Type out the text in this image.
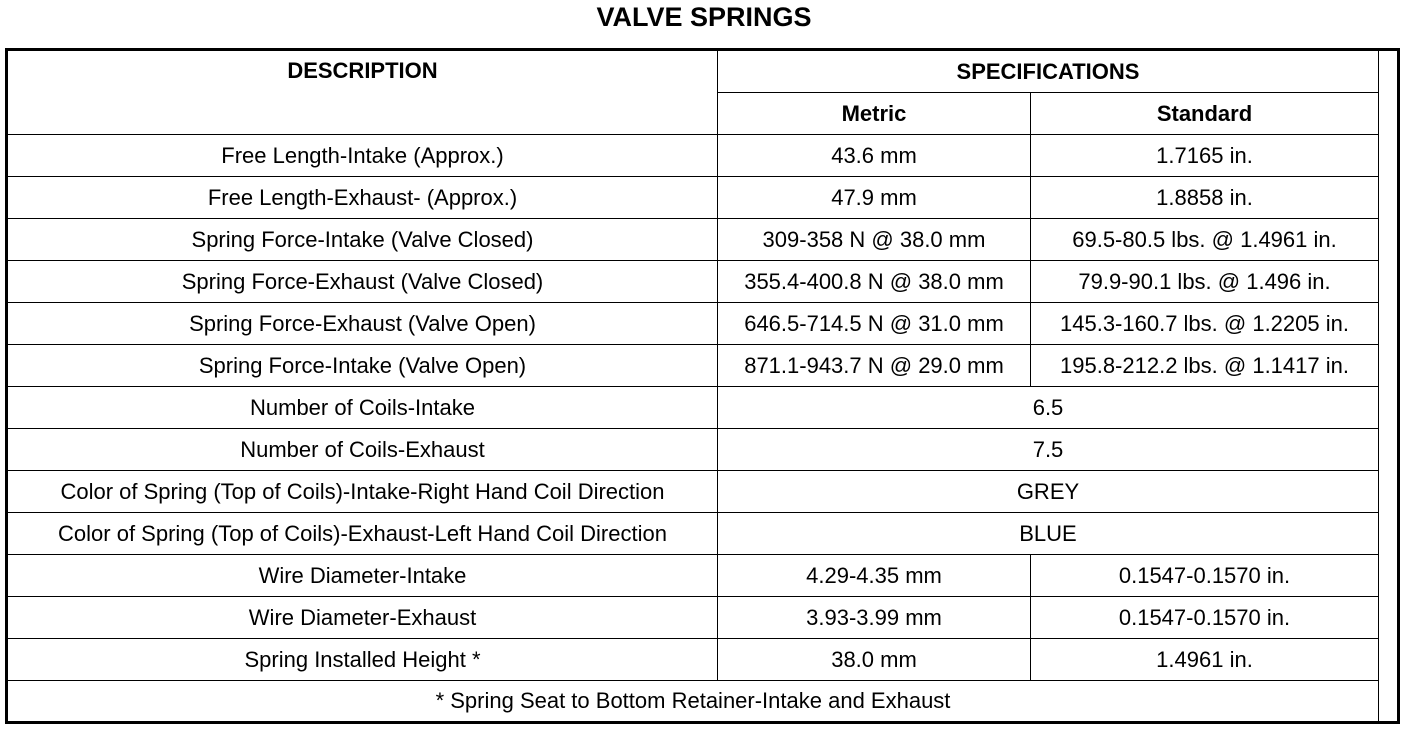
VALVE SPRINGS
DESCRIPTION	SPECIFICATIONS		
	Metric	Standard	
Free Length-Intake (Approx.)	43.6 mm	1.7165 in.	
Free Length-Exhaust- (Approx.)	47.9 mm	1.8858 in.	
Spring Force-Intake (Valve Closed)	309-358 N @ 38.0 mm	69.5-80.5 lbs. @ 1.4961 in.	
Spring Force-Exhaust (Valve Closed)	355.4-400.8 N @ 38.0 mm	79.9-90.1 lbs. @ 1.496 in.	
Spring Force-Exhaust (Valve Open)	646.5-714.5 N @ 31.0 mm	145.3-160.7 lbs. @ 1.2205 in.	
Spring Force-Intake (Valve Open)	871.1-943.7 N @ 29.0 mm	195.8-212.2 lbs. @ 1.1417 in.	
Number of Coils-Intake	6.5		
Number of Coils-Exhaust	7.5		
Color of Spring (Top of Coils)-Intake-Right Hand Coil Direction	GREY		
Color of Spring (Top of Coils)-Exhaust-Left Hand Coil Direction	BLUE		
Wire Diameter-Intake	4.29-4.35 mm	0.1547-0.1570 in.	
Wire Diameter-Exhaust	3.93-3.99 mm	0.1547-0.1570 in.	
Spring Installed Height *	38.0 mm	1.4961 in.	
* Spring Seat to Bottom Retainer-Intake and Exhaust			
